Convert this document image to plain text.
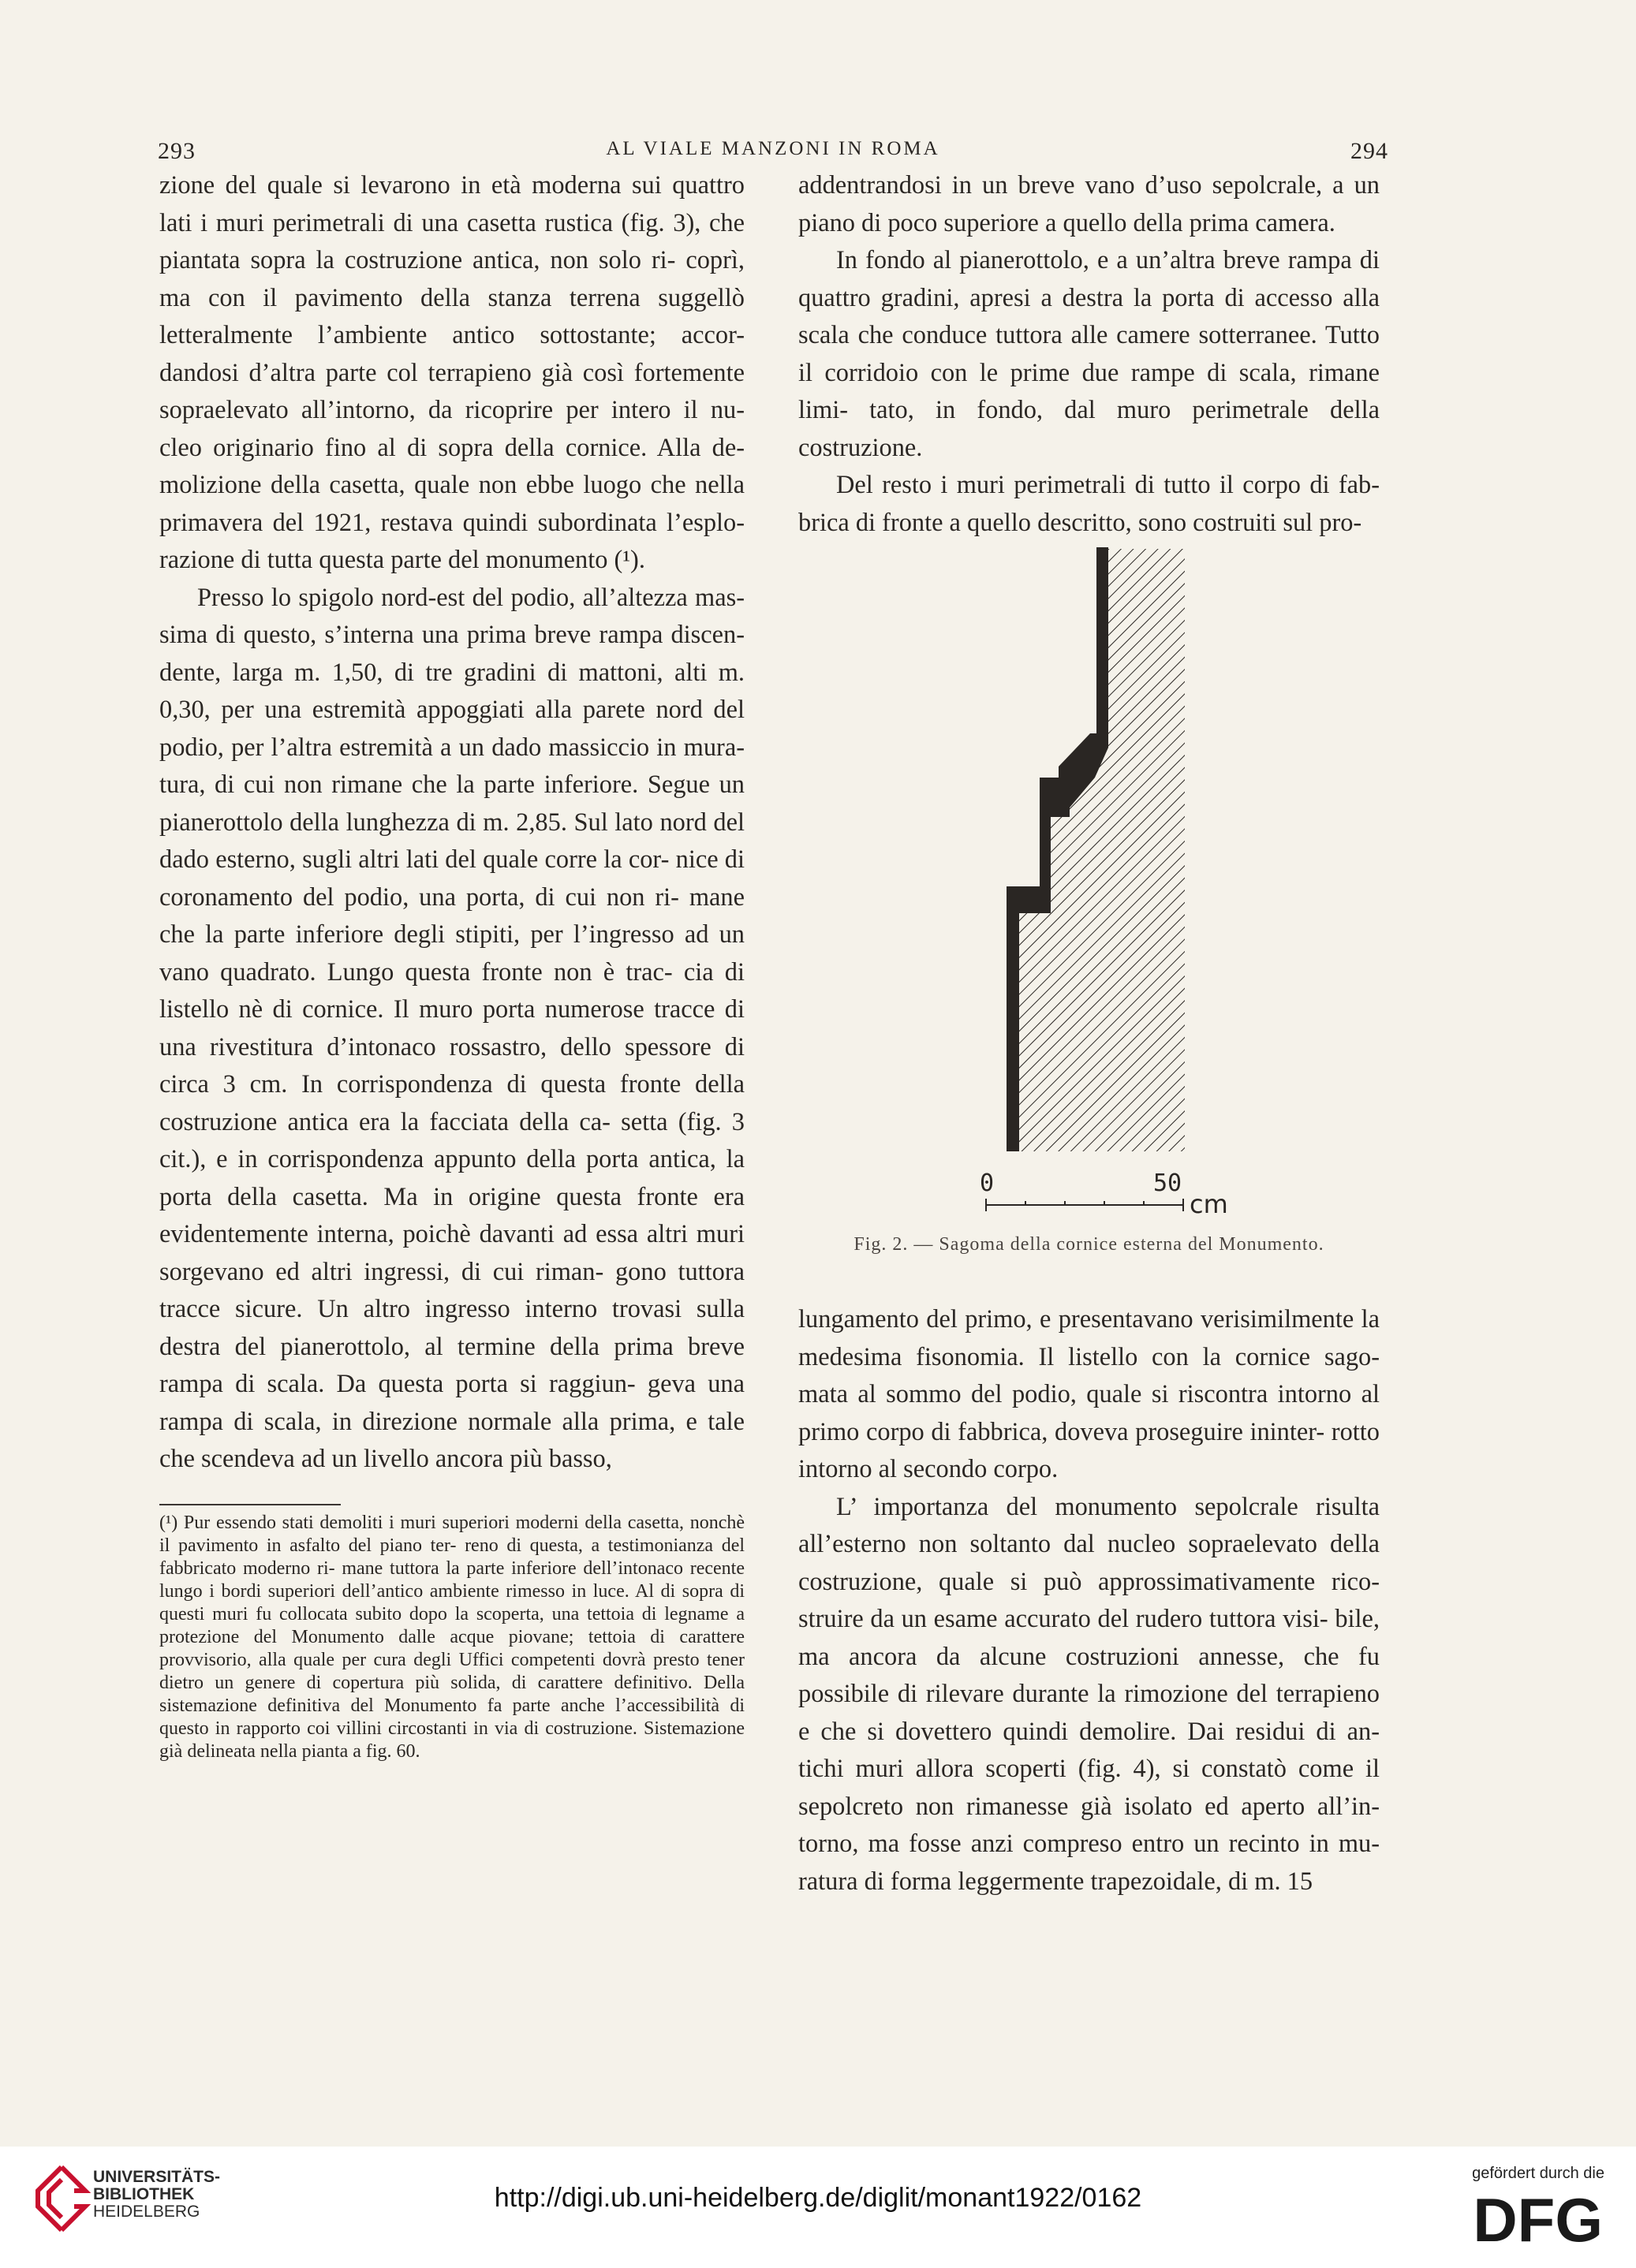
293	AL VIALE MANZONI IN ROMA	294

zione del quale si levarono in età moderna sui quattro lati i muri perimetrali di una casetta rustica (fig. 3), che piantata sopra la costruzione antica, non solo ri- coprì, ma con il pavimento della stanza terrena suggellò letteralmente l’ambiente antico sottostante; accor- dandosi d’altra parte col terrapieno già così fortemente sopraelevato all’intorno, da ricoprire per intero il nu- cleo originario fino al di sopra della cornice. Alla de- molizione della casetta, quale non ebbe luogo che nella primavera del 1921, restava quindi subordinata l’esplo- razione di tutta questa parte del monumento (¹).

Presso lo spigolo nord-est del podio, all’altezza mas- sima di questo, s’interna una prima breve rampa discen- dente, larga m. 1,50, di tre gradini di mattoni, alti m. 0,30, per una estremità appoggiati alla parete nord del podio, per l’altra estremità a un dado massiccio in mura- tura, di cui non rimane che la parte inferiore. Segue un pianerottolo della lunghezza di m. 2,85. Sul lato nord del dado esterno, sugli altri lati del quale corre la cor- nice di coronamento del podio, una porta, di cui non ri- mane che la parte inferiore degli stipiti, per l’ingresso ad un vano quadrato. Lungo questa fronte non è trac- cia di listello nè di cornice. Il muro porta numerose tracce di una rivestitura d’intonaco rossastro, dello spessore di circa 3 cm. In corrispondenza di questa fronte della costruzione antica era la facciata della ca- setta (fig. 3 cit.), e in corrispondenza appunto della porta antica, la porta della casetta. Ma in origine questa fronte era evidentemente interna, poichè davanti ad essa altri muri sorgevano ed altri ingressi, di cui riman- gono tuttora tracce sicure. Un altro ingresso interno trovasi sulla destra del pianerottolo, al termine della prima breve rampa di scala. Da questa porta si raggiun- geva una rampa di scala, in direzione normale alla prima, e tale che scendeva ad un livello ancora più basso,

(¹) Pur essendo stati demoliti i muri superiori moderni della casetta, nonchè il pavimento in asfalto del piano ter- reno di questa, a testimonianza del fabbricato moderno ri- mane tuttora la parte inferiore dell’intonaco recente lungo i bordi superiori dell’antico ambiente rimesso in luce. Al di sopra di questi muri fu collocata subito dopo la scoperta, una tettoia di legname a protezione del Monumento dalle acque piovane; tettoia di carattere provvisorio, alla quale per cura degli Uffici competenti dovrà presto tener dietro un genere di copertura più solida, di carattere definitivo. Della sistemazione definitiva del Monumento fa parte anche l’accessibilità di questo in rapporto coi villini circostanti in via di costruzione. Sistemazione già delineata nella pianta a fig. 60.

addentrandosi in un breve vano d’uso sepolcrale, a un piano di poco superiore a quello della prima camera.

In fondo al pianerottolo, e a un’altra breve rampa di quattro gradini, apresi a destra la porta di accesso alla scala che conduce tuttora alle camere sotterranee. Tutto il corridoio con le prime due rampe di scala, rimane limi- tato, in fondo, dal muro perimetrale della costruzione.

Del resto i muri perimetrali di tutto il corpo di fab- brica di fronte a quello descritto, sono costruiti sul pro-

0	50
cm
Fig. 2. — Sagoma della cornice esterna del Monumento.

lungamento del primo, e presentavano verisimilmente la medesima fisonomia. Il listello con la cornice sago- mata al sommo del podio, quale si riscontra intorno al primo corpo di fabbrica, doveva proseguire ininter- rotto intorno al secondo corpo.

L’ importanza del monumento sepolcrale risulta all’esterno non soltanto dal nucleo sopraelevato della costruzione, quale si può approssimativamente rico- struire da un esame accurato del rudero tuttora visi- bile, ma ancora da alcune costruzioni annesse, che fu possibile di rilevare durante la rimozione del terrapieno e che si dovettero quindi demolire. Dai residui di an- tichi muri allora scoperti (fig. 4), si constatò come il sepolcreto non rimanesse già isolato ed aperto all’in- torno, ma fosse anzi compreso entro un recinto in mu- ratura di forma leggermente trapezoidale, di m. 15

UNIVERSITÄTS-
BIBLIOTHEK
HEIDELBERG	http://digi.ub.uni-heidelberg.de/diglit/monant1922/0162
gefördert durch die
DFG
